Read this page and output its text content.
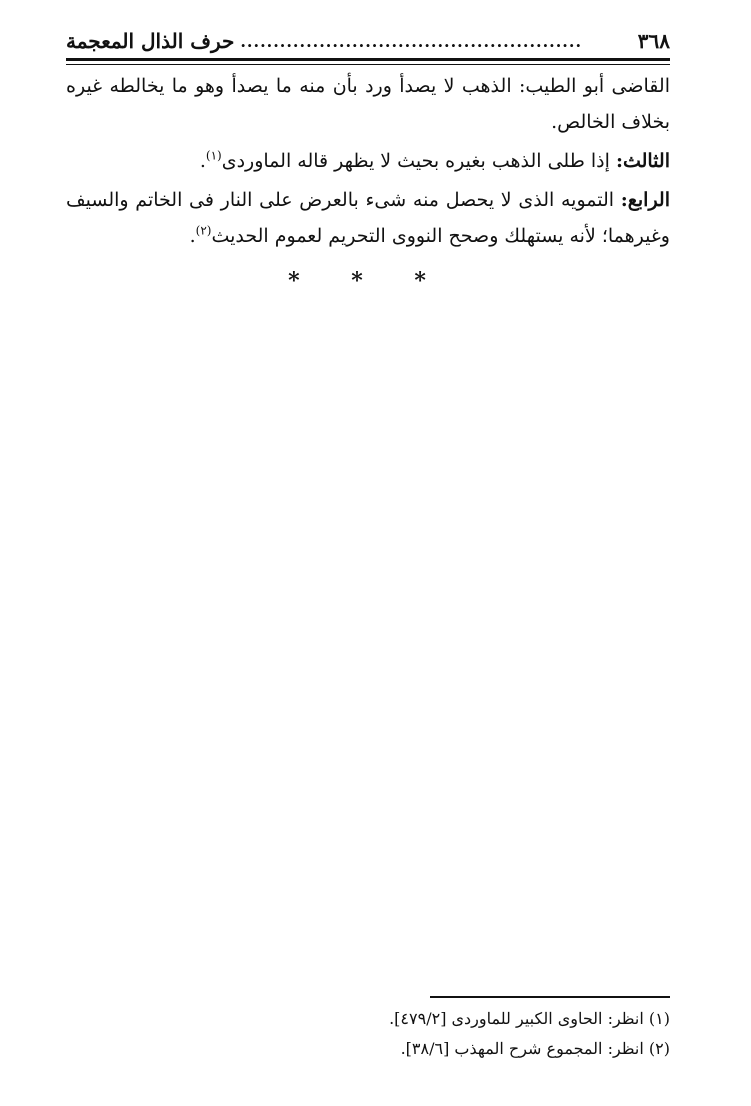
٣٦٨
....................................................
حرف الذال المعجمة

القاضى أبو الطيب: الذهب لا يصدأ ورد بأن منه ما يصدأ وهو ما يخالطه غيره بخلاف الخالص.

الثالث: إذا طلى الذهب بغيره بحيث لا يظهر قاله الماوردى$^{(١)}$.

الرابع: التمويه الذى لا يحصل منه شىء بالعرض على النار فى الخاتم والسيف وغيرهما؛ لأنه يستهلك وصحح النووى التحريم لعموم الحديث$^{(٢)}$.

* * *

(١) انظر: الحاوى الكبير للماوردى [٤٧٩/٢].

(٢) انظر: المجموع شرح المهذب [٣٨/٦].
